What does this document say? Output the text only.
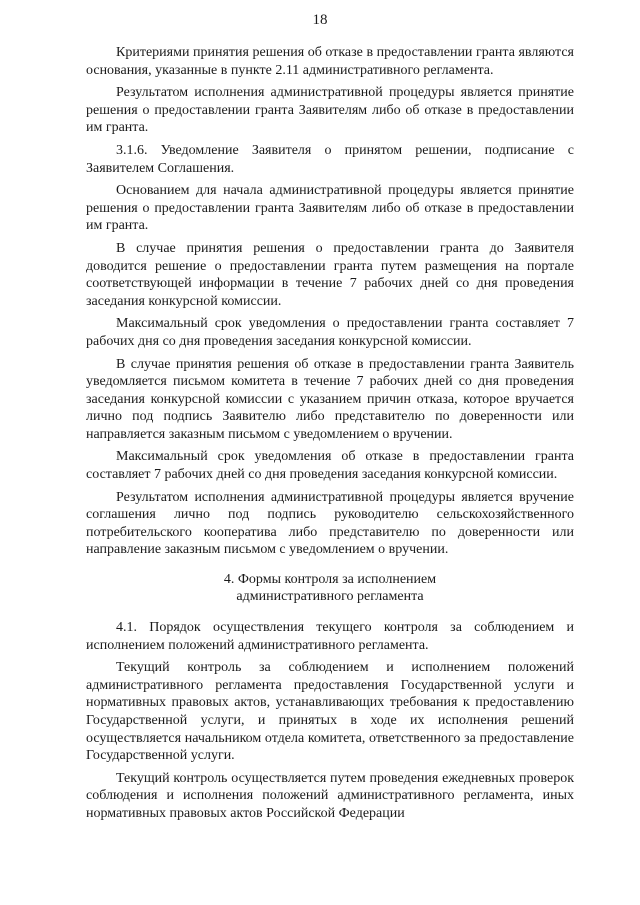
18

Критериями принятия решения об отказе в предоставлении гранта являются основания, указанные в пункте 2.11 административного регламента.

Результатом исполнения административной процедуры является принятие решения о предоставлении гранта Заявителям либо об отказе в предоставлении им гранта.

3.1.6. Уведомление Заявителя о принятом решении, подписание с Заявителем Соглашения.

Основанием для начала административной процедуры является принятие решения о предоставлении гранта Заявителям либо об отказе в предоставлении им гранта.

В случае принятия решения о предоставлении гранта до Заявителя доводится решение о предоставлении гранта путем размещения на портале соответствующей информации в течение 7 рабочих дней со дня проведения заседания конкурсной комиссии.

Максимальный срок уведомления о предоставлении гранта составляет 7 рабочих дня со дня проведения заседания конкурсной комиссии.

В случае принятия решения об отказе в предоставлении гранта Заявитель уведомляется письмом комитета в течение 7 рабочих дней со дня проведения заседания конкурсной комиссии с указанием причин отказа, которое вручается лично под подпись Заявителю либо представителю по доверенности или направляется заказным письмом с уведомлением о вручении.

Максимальный срок уведомления об отказе в предоставлении гранта составляет 7 рабочих дней со дня проведения заседания конкурсной комиссии.

Результатом исполнения административной процедуры является вручение соглашения лично под подпись руководителю сельскохозяйственного потребительского кооператива либо представителю по доверенности или направление заказным письмом с уведомлением о вручении.

4. Формы контроля за исполнением
административного регламента

4.1. Порядок осуществления текущего контроля за соблюдением и исполнением положений административного регламента.

Текущий контроль за соблюдением и исполнением положений административного регламента предоставления Государственной услуги и нормативных правовых актов, устанавливающих требования к предоставлению Государственной услуги, и принятых в ходе их исполнения решений осуществляется начальником отдела комитета, ответственного за предоставление Государственной услуги.

Текущий контроль осуществляется путем проведения ежедневных проверок соблюдения и исполнения положений административного регламента, иных нормативных правовых актов Российской Федерации
